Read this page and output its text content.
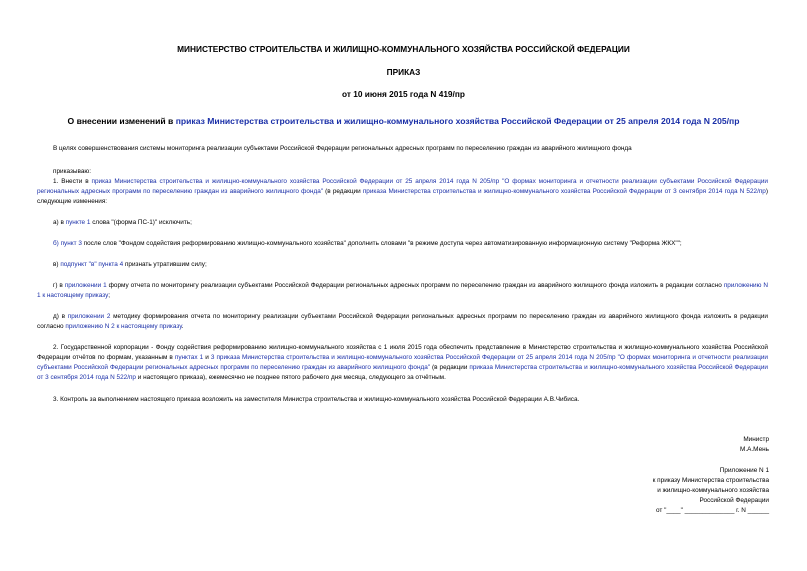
МИНИСТЕРСТВО СТРОИТЕЛЬСТВА И ЖИЛИЩНО-КОММУНАЛЬНОГО ХОЗЯЙСТВА РОССИЙСКОЙ ФЕДЕРАЦИИ
ПРИКАЗ
от 10 июня 2015 года N 419/пр
О внесении изменений в приказ Министерства строительства и жилищно-коммунального хозяйства Российской Федерации от 25 апреля 2014 года N 205/пр
В целях совершенствования системы мониторинга реализации субъектами Российской Федерации региональных адресных программ по переселению граждан из аварийного жилищного фонда
приказываю:
1. Внести в приказ Министерства строительства и жилищно-коммунального хозяйства Российской Федерации от 25 апреля 2014 года N 205/пр "О формах мониторинга и отчетности реализации субъектами Российской Федерации региональных адресных программ по переселению граждан из аварийного жилищного фонда" (в редакции приказа Министерства строительства и жилищно-коммунального хозяйства Российской Федерации от 3 сентября 2014 года N 522/пр) следующие изменения:
а) в пункте 1 слова "(форма ПС-1)" исключить;
б) пункт 3 после слов "Фондом содействия реформированию жилищно-коммунального хозяйства" дополнить словами "в режиме доступа через автоматизированную информационную систему "Реформа ЖКХ"";
в) подпункт "в" пункта 4 признать утратившим силу;
г) в приложении 1 форму отчета по мониторингу реализации субъектами Российской Федерации региональных адресных программ по переселению граждан из аварийного жилищного фонда изложить в редакции согласно приложению N 1 к настоящему приказу;
д) в приложении 2 методику формирования отчета по мониторингу реализации субъектами Российской Федерации региональных адресных программ по переселению граждан из аварийного жилищного фонда изложить в редакции согласно приложению N 2 к настоящему приказу.
2. Государственной корпорации - Фонду содействия реформированию жилищно-коммунального хозяйства с 1 июля 2015 года обеспечить представление в Министерство строительства и жилищно-коммунального хозяйства Российской Федерации отчётов по формам, указанным в пунктах 1 и 3 приказа Министерства строительства и жилищно-коммунального хозяйства Российской Федерации от 25 апреля 2014 года N 205/пр "О формах мониторинга и отчетности реализации субъектами Российской Федерации региональных адресных программ по переселению граждан из аварийного жилищного фонда" (в редакции приказа Министерства строительства и жилищно-коммунального хозяйства Российской Федерации от 3 сентября 2014 года N 522/пр и настоящего приказа), ежемесячно не позднее пятого рабочего дня месяца, следующего за отчётным.
3. Контроль за выполнением настоящего приказа возложить на заместителя Министра строительства и жилищно-коммунального хозяйства Российской Федерации А.В.Чибиса.
Министр
М.А.Мень
Приложение N 1
к приказу Министерства строительства
и жилищно-коммунального хозяйства
Российской Федерации
от "____" ______________ г. N ______
